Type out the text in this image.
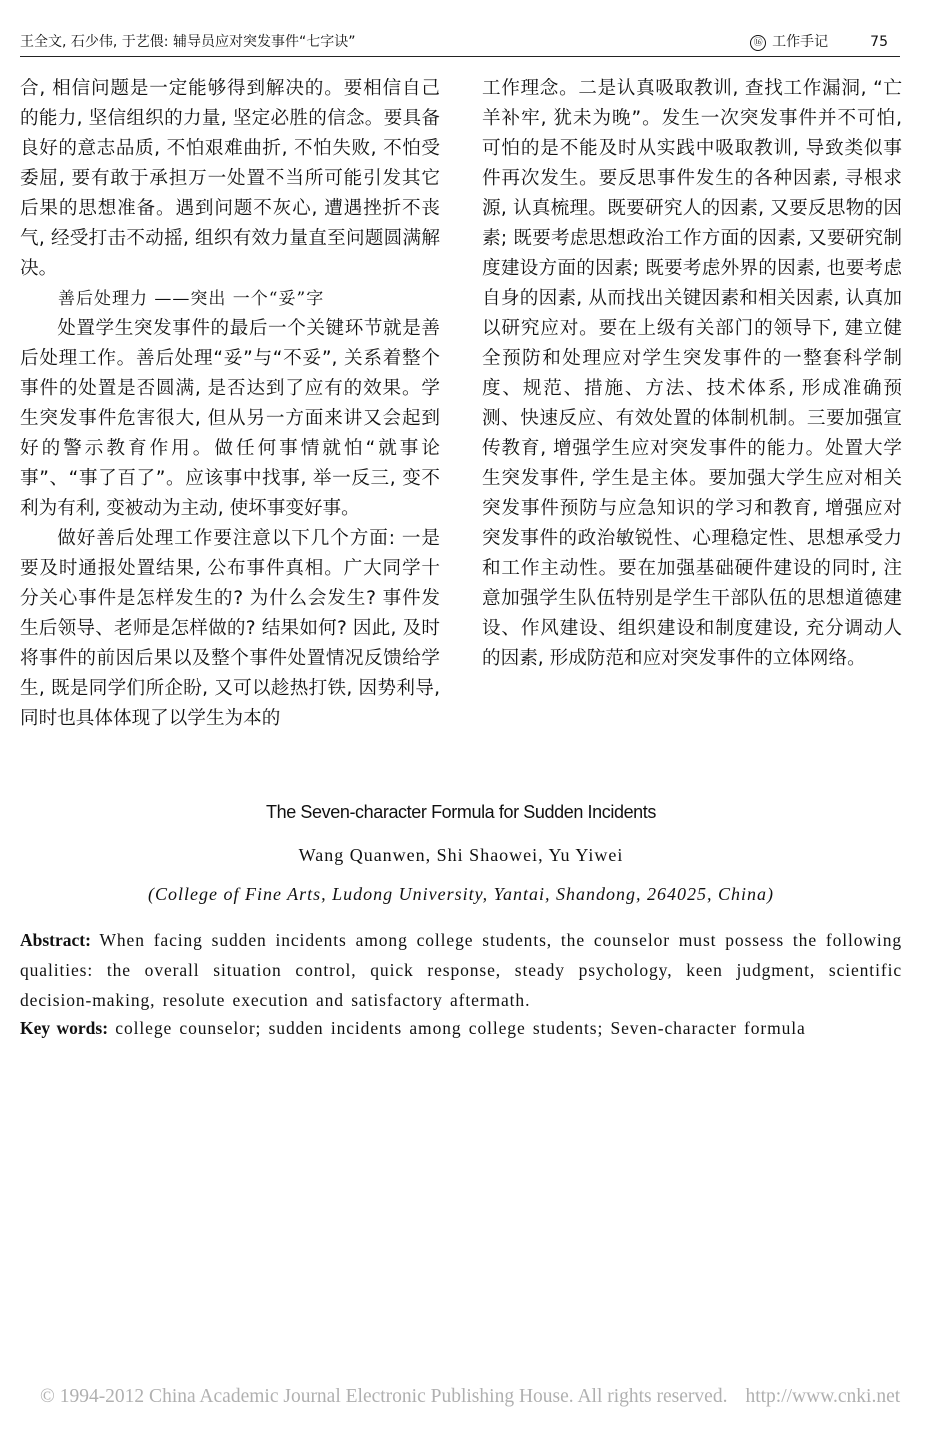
王全文, 石少伟, 于艺偎: 辅导员应对突发事件“七字诀”	⑯ 工作手记	75

合, 相信问题是一定能够得到解决的。要相信自己的能力, 坚信组织的力量, 坚定必胜的信念。要具备良好的意志品质, 不怕艰难曲折, 不怕失败, 不怕受委屈, 要有敢于承担万一处置不当所可能引发其它后果的思想准备。遇到问题不灰心, 遭遇挫折不丧气, 经受打击不动摇, 组织有效力量直至问题圆满解决。

善后处理力 ——突出 一个“妥”字

处置学生突发事件的最后一个关键环节就是善后处理工作。善后处理“妥”与“不妥”, 关系着整个事件的处置是否圆满, 是否达到了应有的效果。学生突发事件危害很大, 但从另一方面来讲又会起到好的警示教育作用。做任何事情就怕“就事论事”、“事了百了”。应该事中找事, 举一反三, 变不利为有利, 变被动为主动, 使坏事变好事。

做好善后处理工作要注意以下几个方面: 一是要及时通报处置结果, 公布事件真相。广大同学十分关心事件是怎样发生的? 为什么会发生? 事件发生后领导、老师是怎样做的? 结果如何? 因此, 及时将事件的前因后果以及整个事件处置情况反馈给学生, 既是同学们所企盼, 又可以趁热打铁, 因势利导, 同时也具体体现了以学生为本的

工作理念。二是认真吸取教训, 查找工作漏洞, “亡羊补牢, 犹未为晚”。发生一次突发事件并不可怕, 可怕的是不能及时从实践中吸取教训, 导致类似事件再次发生。要反思事件发生的各种因素, 寻根求源, 认真梳理。既要研究人的因素, 又要反思物的因素; 既要考虑思想政治工作方面的因素, 又要研究制度建设方面的因素; 既要考虑外界的因素, 也要考虑自身的因素, 从而找出关键因素和相关因素, 认真加以研究应对。要在上级有关部门的领导下, 建立健全预防和处理应对学生突发事件的一整套科学制度、规范、措施、方法、技术体系, 形成准确预测、快速反应、有效处置的体制机制。三要加强宣传教育, 增强学生应对突发事件的能力。处置大学生突发事件, 学生是主体。要加强大学生应对相关突发事件预防与应急知识的学习和教育, 增强应对突发事件的政治敏锐性、心理稳定性、思想承受力和工作主动性。要在加强基础硬件建设的同时, 注意加强学生队伍特别是学生干部队伍的思想道德建设、作风建设、组织建设和制度建设, 充分调动人的因素, 形成防范和应对突发事件的立体网络。

The Seven-character Formula for Sudden Incidents
Wang Quanwen, Shi Shaowei, Yu Yiwei
(College of Fine Arts, Ludong University, Yantai, Shandong, 264025, China)
Abstract: When facing sudden incidents among college students, the counselor must possess the following qualities: the overall situation control, quick response, steady psychology, keen judgment, scientific decision-making, resolute execution and satisfactory aftermath.
Key words: college counselor; sudden incidents among college students; Seven-character formula
© 1994-2012 China Academic Journal Electronic Publishing House. All rights reserved. http://www.cnki.net
